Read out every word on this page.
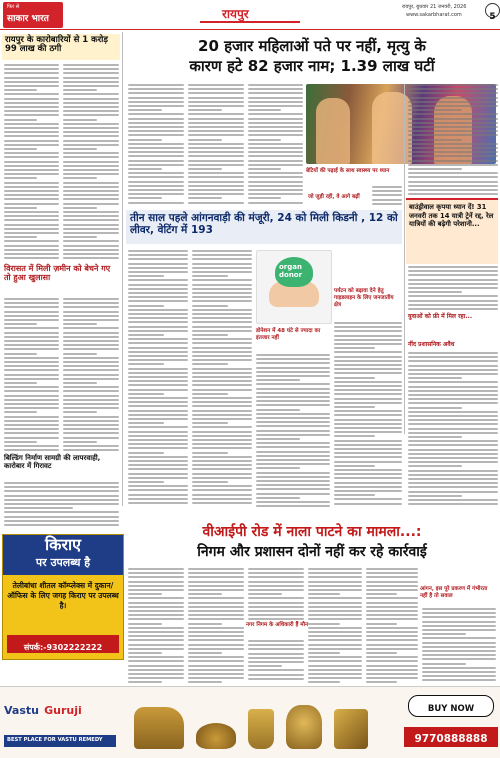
फिर से
साकार भारत	रायपुर	रायपुर, बुधवार 21 जनवरी, 2026
www.sakarbharat.com	5
रायपुर के कारोबारियों से 1 करोड़ 99 लाख की ठगी
विरासत में मिली ज़मीन को बेचने गए तो हुआ खुलासा
बिल्डिंग निर्माण सामग्री की लापरवाही, कारोबार में गिरावट
20 हजार महिलाओं पते पर नहीं, मृत्यु के
कारण हटे 82 हजार नाम; 1.39 लाख घटीं
बेटियों की पढ़ाई के साथ स्वास्थ्य पर ध्यान
जो जुड़ी रही, वे आगे बढ़ीं
तीन साल पहले आंगनवाड़ी की मंजूरी, 24 को मिली किडनी , 12 को लीवर, वेटिंग में 193
organ
donor
डोनेशन में 48 घंटे से ज्यादा का इंतजार नहीं
पर्यटन को बढ़ावा देने हेतु गाइडलाइन के लिए जनजातीय क्षेत्र
बाउंड्रीवाल कृपया ध्यान दें! 31 जनवरी तक 14 यात्री ट्रेनें रद्द, रेल यात्रियों की बढ़ेगी परेशानी...
युवाओं को फ्री में मिल रहा...
नींद प्रशासनिक अवैध
वीआईपी रोड में नाला पाटने का मामला...:
निगम और प्रशासन दोनों नहीं कर रहे कार्रवाई
नगर निगम के अधिकारी हैं मौन
आंगन, इस पूरे प्रकरण में गंभीरता नहीं है तो सवाल
किराए
पर उपलब्ध है
तेलीबांधा शीतल कॉम्प्लेक्स में दुकान/ऑफिस के लिए जगह किराए पर उपलब्ध है।
संपर्क:-9302222222
Vastu Guruji
BEST PLACE FOR VASTU REMEDY
BUY NOW
9770888888
